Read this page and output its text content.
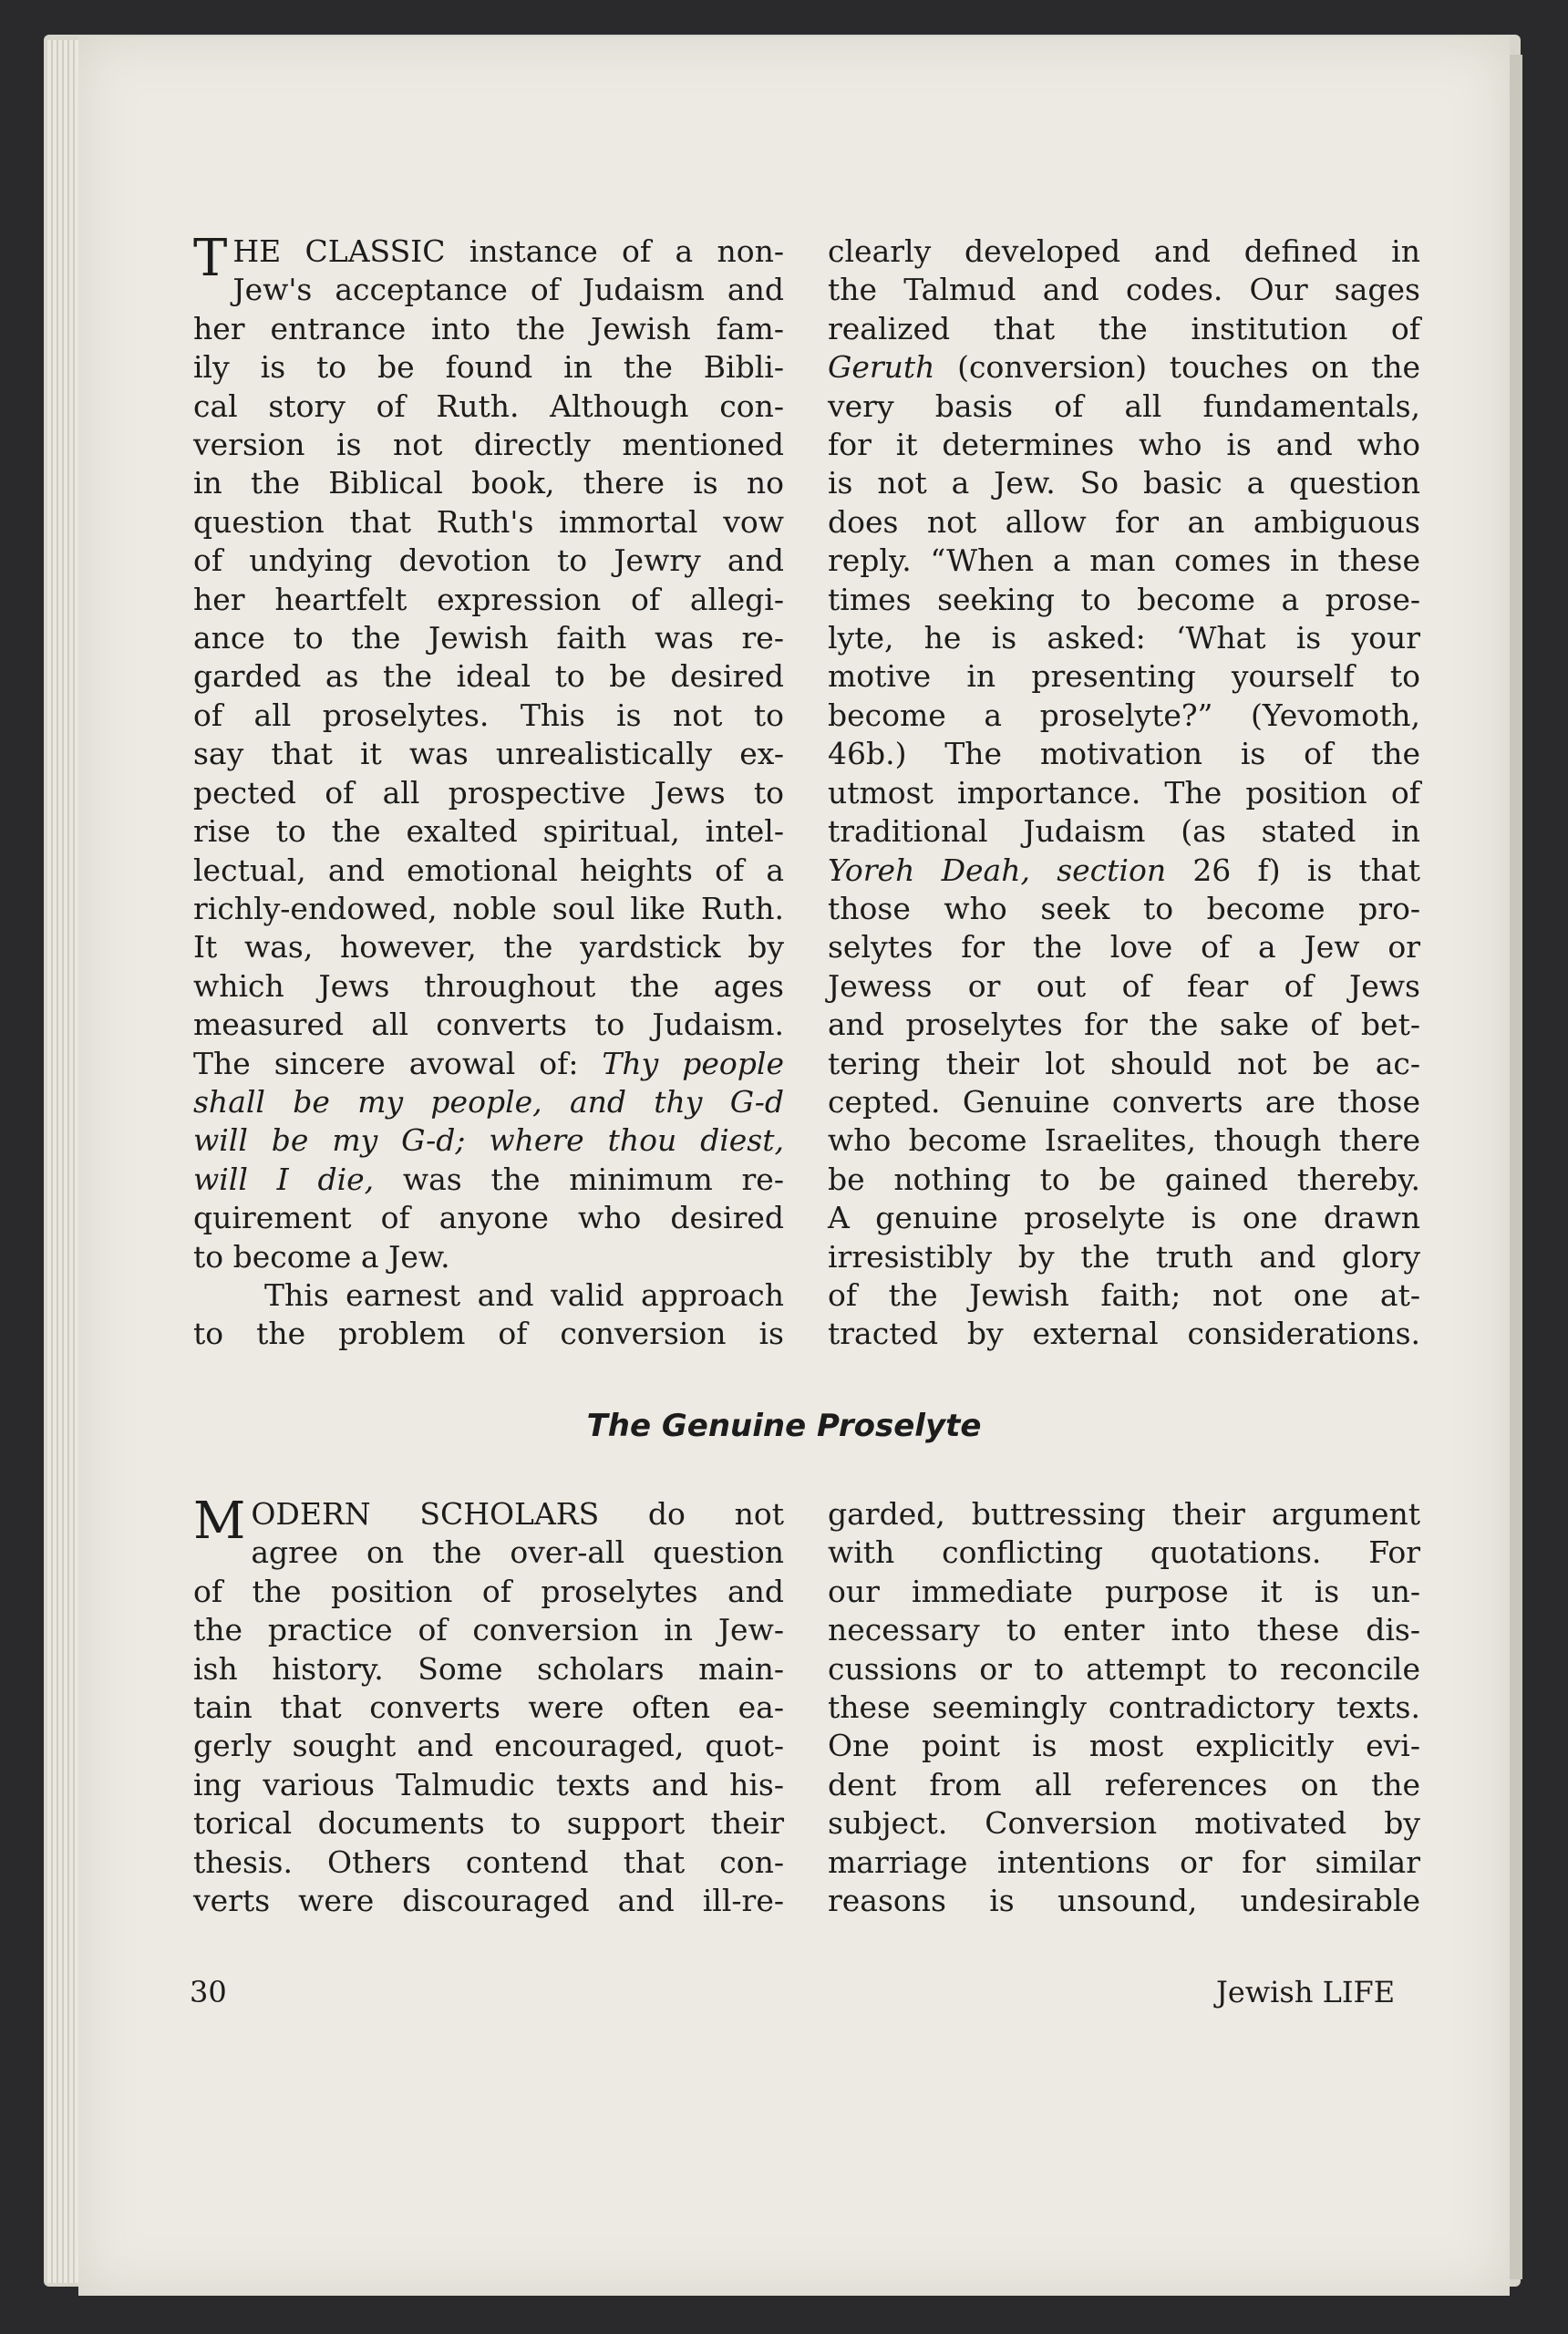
THE CLASSIC instance of a non-
Jew's acceptance of Judaism and
her entrance into the Jewish fam-
ily is to be found in the Bibli-
cal story of Ruth. Although con-
version is not directly mentioned
in the Biblical book, there is no
question that Ruth's immortal vow
of undying devotion to Jewry and
her heartfelt expression of allegi-
ance to the Jewish faith was re-
garded as the ideal to be desired
of all proselytes. This is not to
say that it was unrealistically ex-
pected of all prospective Jews to
rise to the exalted spiritual, intel-
lectual, and emotional heights of a
richly-endowed, noble soul like Ruth.
It was, however, the yardstick by
which Jews throughout the ages
measured all converts to Judaism.
The sincere avowal of: Thy people
shall be my people, and thy G-d
will be my G-d; where thou diest,
will I die, was the minimum re-
quirement of anyone who desired
to become a Jew.
This earnest and valid approach
to the problem of conversion is
clearly developed and defined in
the Talmud and codes. Our sages
realized that the institution of
Geruth (conversion) touches on the
very basis of all fundamentals,
for it determines who is and who
is not a Jew. So basic a question
does not allow for an ambiguous
reply. “When a man comes in these
times seeking to become a prose-
lyte, he is asked: ‘What is your
motive in presenting yourself to
become a proselyte?” (Yevomoth,
46b.) The motivation is of the
utmost importance. The position of
traditional Judaism (as stated in
Yoreh Deah, section 26 f) is that
those who seek to become pro-
selytes for the love of a Jew or
Jewess or out of fear of Jews
and proselytes for the sake of bet-
tering their lot should not be ac-
cepted. Genuine converts are those
who become Israelites, though there
be nothing to be gained thereby.
A genuine proselyte is one drawn
irresistibly by the truth and glory
of the Jewish faith; not one at-
tracted by external considerations.
The Genuine Proselyte
MODERN SCHOLARS do not
agree on the over-all question
of the position of proselytes and
the practice of conversion in Jew-
ish history. Some scholars main-
tain that converts were often ea-
gerly sought and encouraged, quot-
ing various Talmudic texts and his-
torical documents to support their
thesis. Others contend that con-
verts were discouraged and ill-re-
garded, buttressing their argument
with conflicting quotations. For
our immediate purpose it is un-
necessary to enter into these dis-
cussions or to attempt to reconcile
these seemingly contradictory texts.
One point is most explicitly evi-
dent from all references on the
subject. Conversion motivated by
marriage intentions or for similar
reasons is unsound, undesirable
30	Jewish LIFE
